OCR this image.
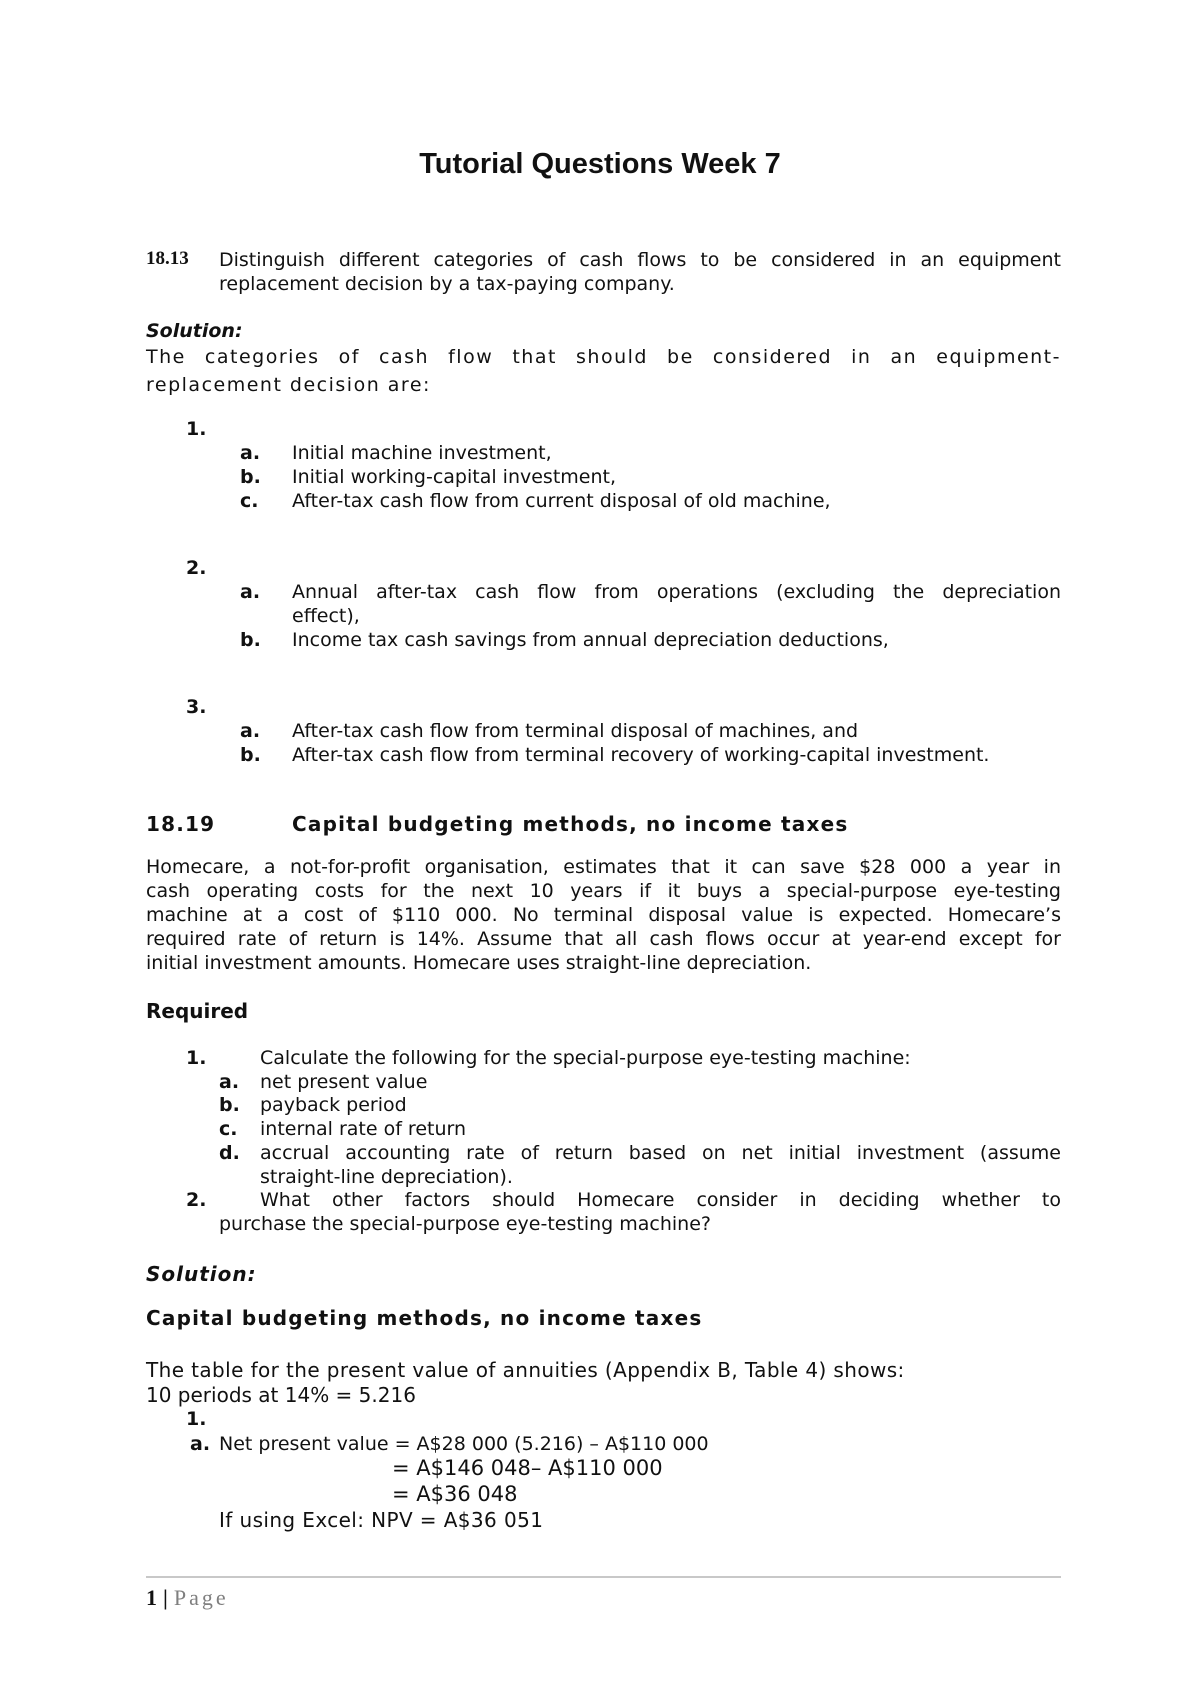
Tutorial Questions Week 7
18.13 Distinguish different categories of cash flows to be considered in an equipment
replacement decision by a tax-paying company.
Solution:
The categories of cash flow that should be considered in an equipment-
replacement decision are:
1.
a. Initial machine investment,
b. Initial working-capital investment,
c. After-tax cash flow from current disposal of old machine,
2.
a. Annual after-tax cash flow from operations (excluding the depreciation
effect),
b. Income tax cash savings from annual depreciation deductions,
3.
a. After-tax cash flow from terminal disposal of machines, and
b. After-tax cash flow from terminal recovery of working-capital investment.
18.19	Capital budgeting methods, no income taxes
Homecare, a not-for-profit organisation, estimates that it can save $28 000 a year in
cash operating costs for the next 10 years if it buys a special-purpose eye-testing
machine at a cost of $110 000. No terminal disposal value is expected. Homecare’s
required rate of return is 14%. Assume that all cash flows occur at year-end except for
initial investment amounts. Homecare uses straight-line depreciation.
Required
1.	Calculate the following for the special-purpose eye-testing machine:
a. net present value
b. payback period
c. internal rate of return
d. accrual accounting rate of return based on net initial investment (assume
straight-line depreciation).
2.	What other factors should Homecare consider in deciding whether to
purchase the special-purpose eye-testing machine?
Solution:
Capital budgeting methods, no income taxes
The table for the present value of annuities (Appendix B, Table 4) shows:
10 periods at 14% = 5.216
1.
a. Net present value = A$28 000 (5.216) – A$110 000
= A$146 048– A$110 000
= A$36 048
If using Excel: NPV = A$36 051
1 | Page
